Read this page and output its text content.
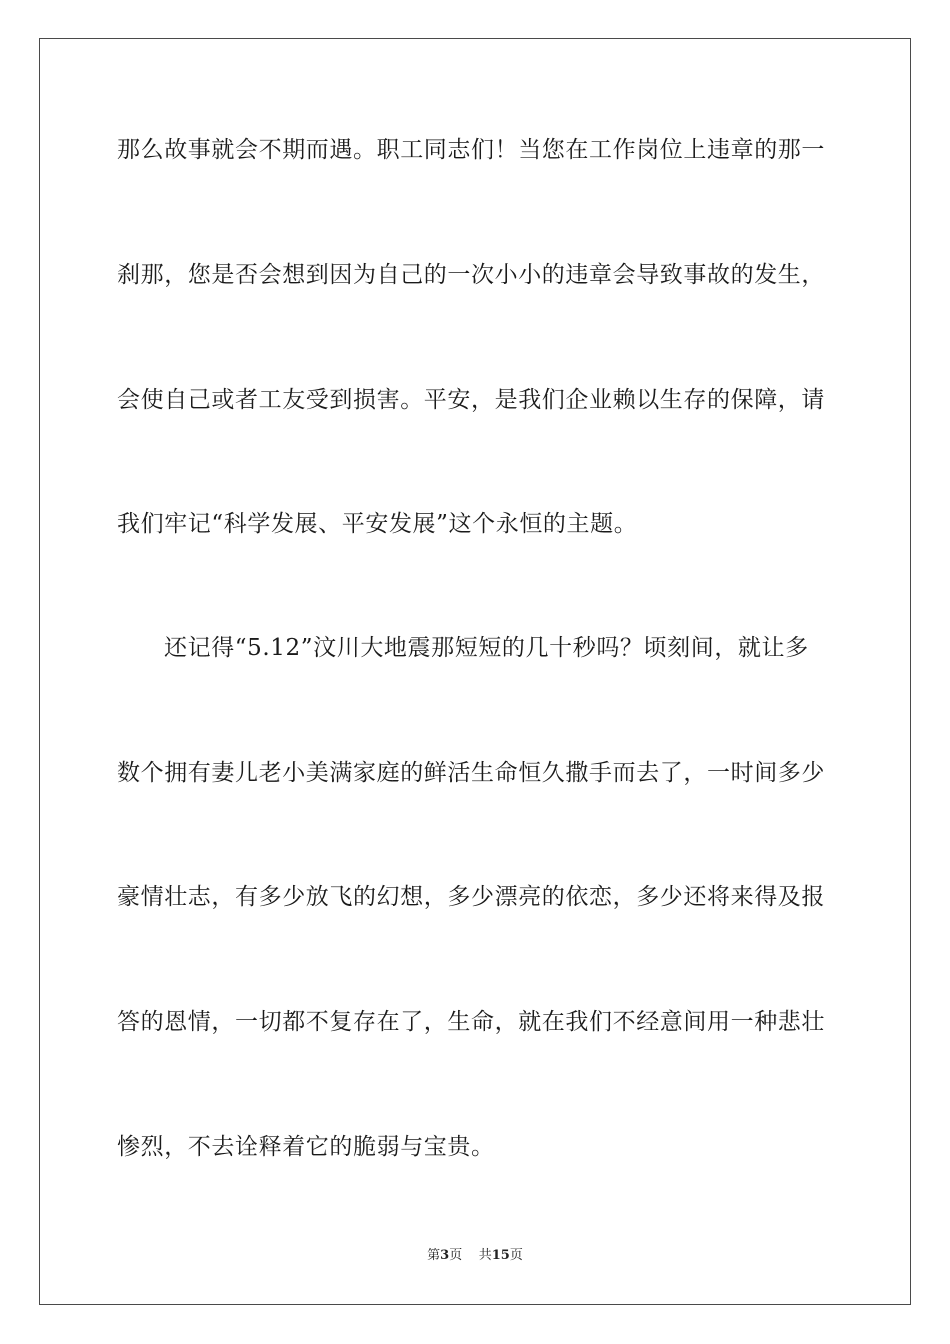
那么故事就会不期而遇。职工同志们！当您在工作岗位上违章的那一
刹那，您是否会想到因为自己的一次小小的违章会导致事故的发生，
会使自己或者工友受到损害。平安，是我们企业赖以生存的保障，请
我们牢记“科学发展、平安发展”这个永恒的主题。
还记得“5.12”汶川大地震那短短的几十秒吗？顷刻间，就让多
数个拥有妻儿老小美满家庭的鲜活生命恒久撒手而去了，一时间多少
豪情壮志，有多少放飞的幻想，多少漂亮的依恋，多少还将来得及报
答的恩情，一切都不复存在了，生命，就在我们不经意间用一种悲壮
惨烈，不去诠释着它的脆弱与宝贵。
第3页 共15页
